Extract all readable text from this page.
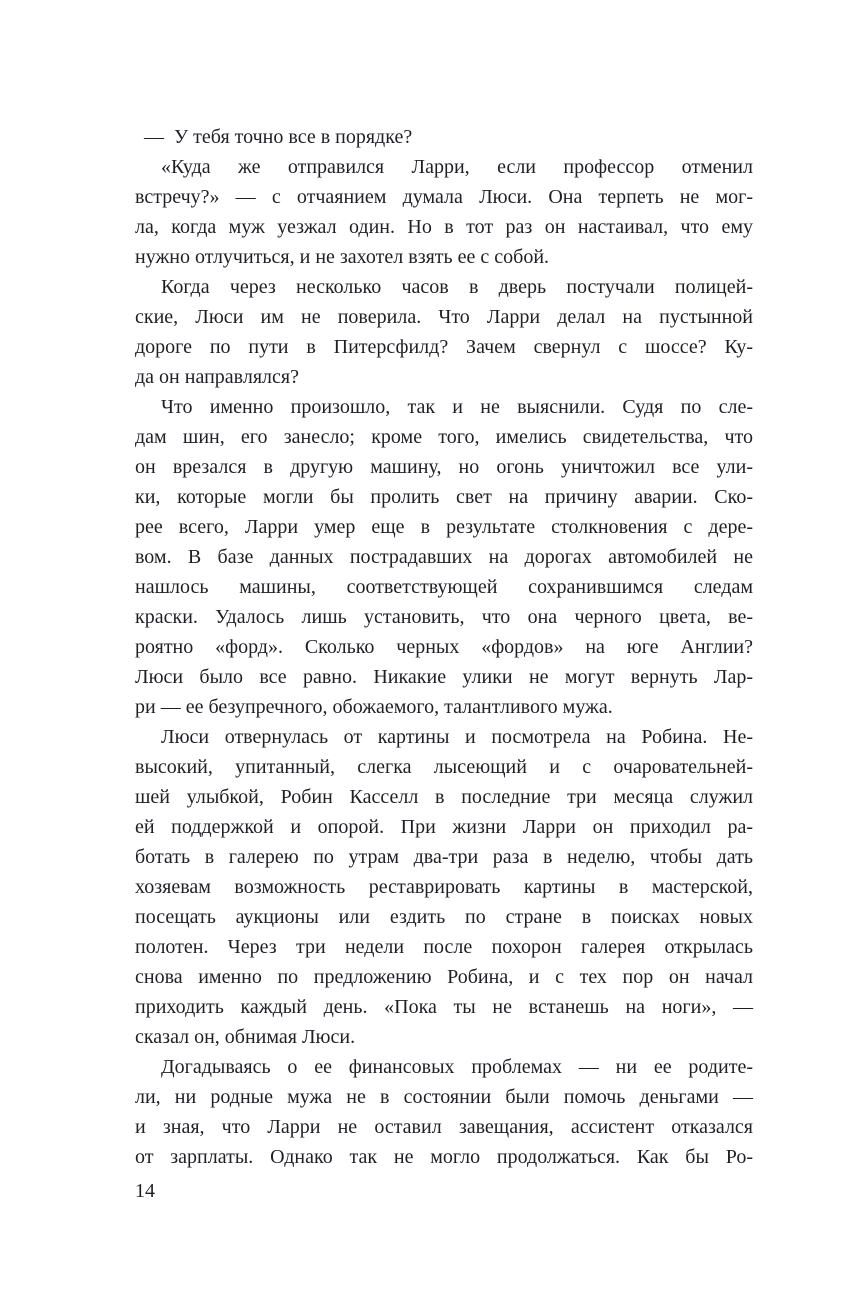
—  У тебя точно все в порядке?
«Куда же отправился Ларри, если профессор отменил
встречу?» — с отчаянием думала Люси. Она терпеть не мог-
ла, когда муж уезжал один. Но в тот раз он настаивал, что ему
нужно отлучиться, и не захотел взять ее с собой.
Когда через несколько часов в дверь постучали полицей-
ские, Люси им не поверила. Что Ларри делал на пустынной
дороге по пути в Питерсфилд? Зачем свернул с шоссе? Ку-
да он направлялся?
Что именно произошло, так и не выяснили. Судя по сле-
дам шин, его занесло; кроме того, имелись свидетельства, что
он врезался в другую машину, но огонь уничтожил все ули-
ки, которые могли бы пролить свет на причину аварии. Ско-
рее всего, Ларри умер еще в результате столкновения с дере-
вом. В базе данных пострадавших на дорогах автомобилей не
нашлось машины, соответствующей сохранившимся следам
краски. Удалось лишь установить, что она черного цвета, ве-
роятно «форд». Сколько черных «фордов» на юге Англии?
Люси было все равно. Никакие улики не могут вернуть Лар-
ри — ее безупречного, обожаемого, талантливого мужа.
Люси отвернулась от картины и посмотрела на Робина. Не-
высокий, упитанный, слегка лысеющий и с очаровательней-
шей улыбкой, Робин Касселл в последние три месяца служил
ей поддержкой и опорой. При жизни Ларри он приходил ра-
ботать в галерею по утрам два-три раза в неделю, чтобы дать
хозяевам возможность реставрировать картины в мастерской,
посещать аукционы или ездить по стране в поисках новых
полотен. Через три недели после похорон галерея открылась
снова именно по предложению Робина, и с тех пор он начал
приходить каждый день. «Пока ты не встанешь на ноги», —
сказал он, обнимая Люси.
Догадываясь о ее финансовых проблемах — ни ее родите-
ли, ни родные мужа не в состоянии были помочь деньгами —
и зная, что Ларри не оставил завещания, ассистент отказался
от зарплаты. Однако так не могло продолжаться. Как бы Ро-
14
